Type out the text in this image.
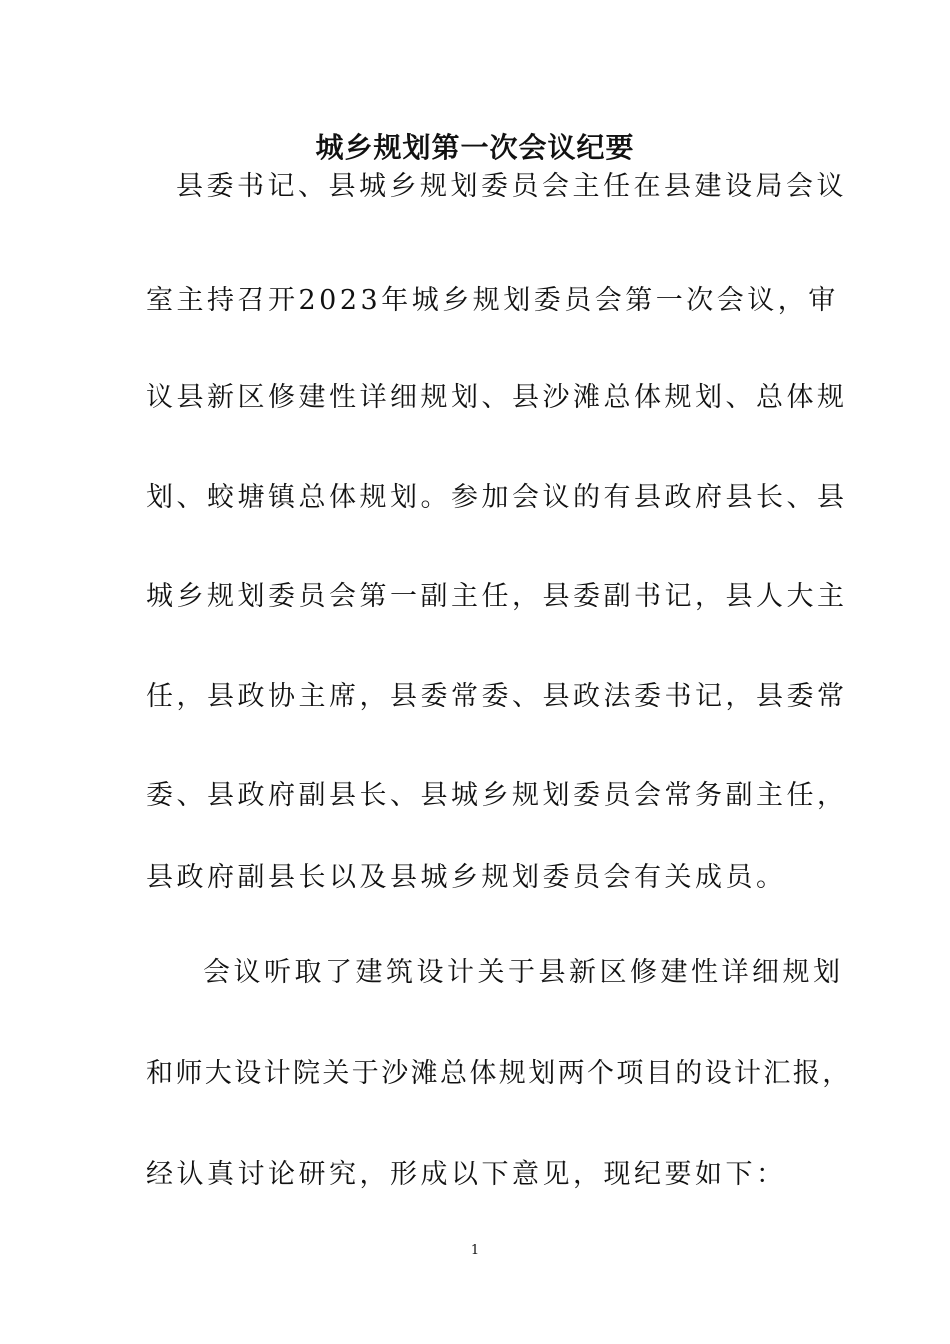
城乡规划第一次会议纪要
县委书记、县城乡规划委员会主任在县建设局会议
室主持召开2023年城乡规划委员会第一次会议，审
议县新区修建性详细规划、县沙滩总体规划、总体规
划、蛟塘镇总体规划。参加会议的有县政府县长、县
城乡规划委员会第一副主任，县委副书记，县人大主
任，县政协主席，县委常委、县政法委书记，县委常
委、县政府副县长、县城乡规划委员会常务副主任，
县政府副县长以及县城乡规划委员会有关成员。
会议听取了建筑设计关于县新区修建性详细规划
和师大设计院关于沙滩总体规划两个项目的设计汇报，
经认真讨论研究，形成以下意见，现纪要如下：
1
